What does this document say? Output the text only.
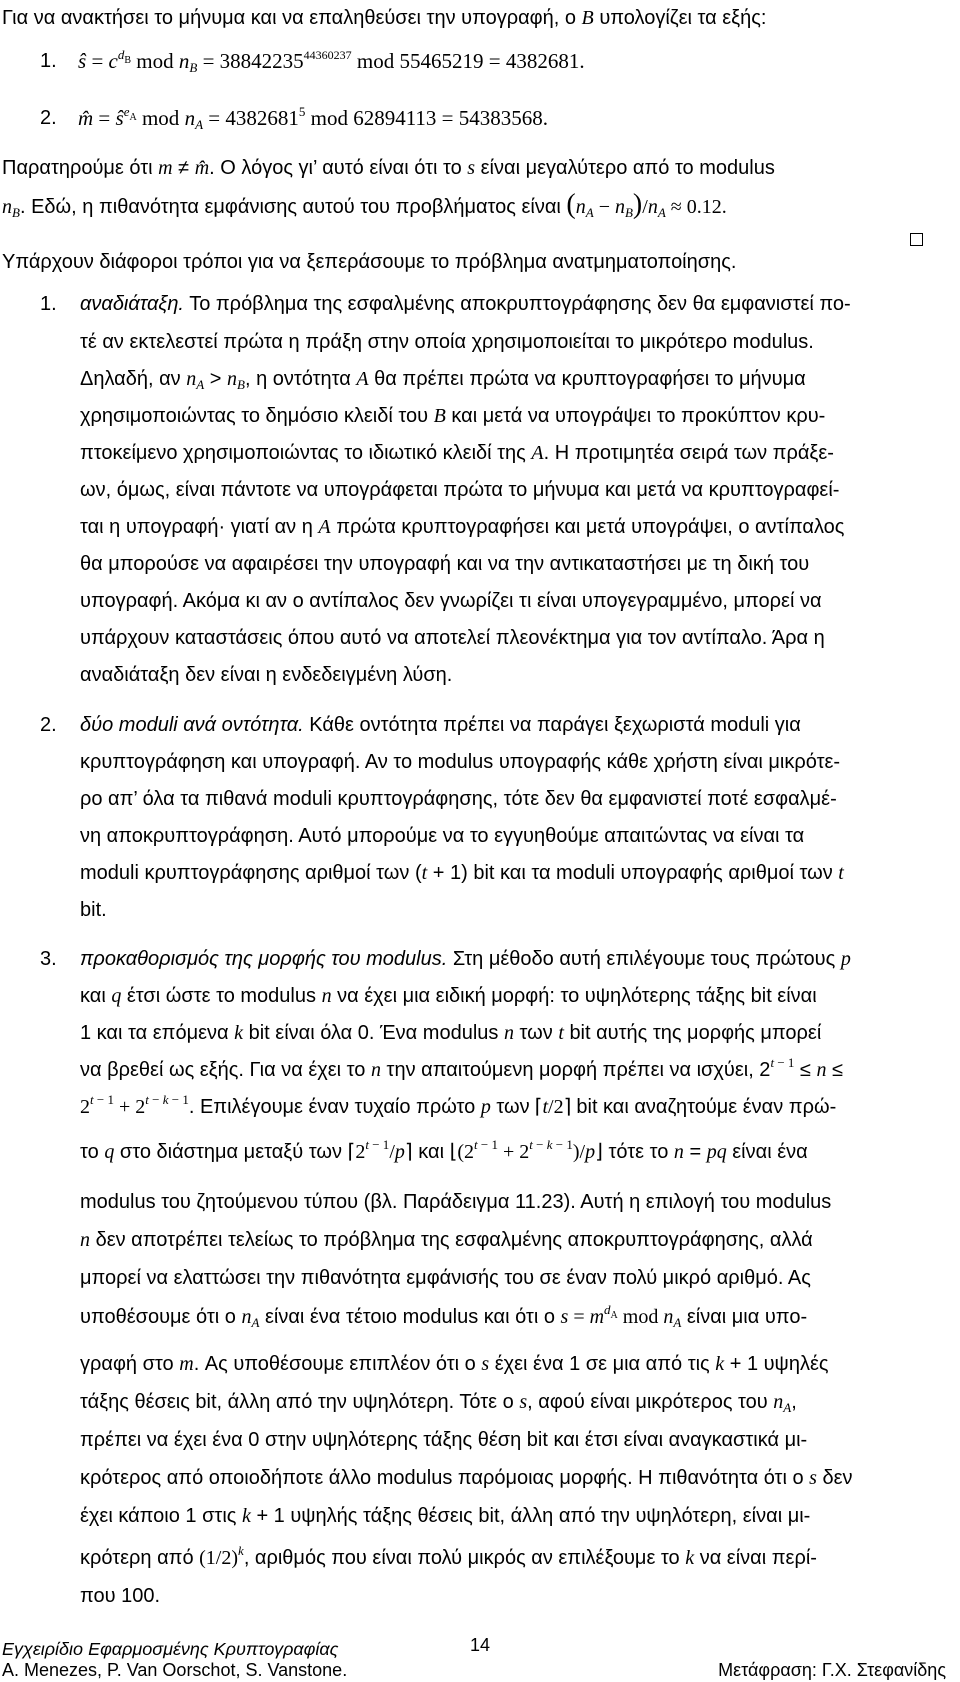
Για να ανακτήσει το μήνυμα και να επαληθεύσει την υπογραφή, ο B υπολογίζει τα εξής:
1. ŝ = $c^{d_B}$ mod $n_B = 38842235^{44360237}$ mod 55465219 = 4382681.
2. m̂ = $ŝ^{e_A}$ mod $n_A = 4382681^5$ mod 62894113 = 54383568.
Παρατηρούμε ότι m ≠ m̂. Ο λόγος γι’ αυτό είναι ότι το s είναι μεγαλύτερο από το modulus
$n_B$. Εδώ, η πιθανότητα εμφάνισης αυτού του προβλήματος είναι $(n_A - n_B)/n_A \approx 0.12$.
Υπάρχουν διάφοροι τρόποι για να ξεπεράσουμε το πρόβλημα ανατμηματοποίησης.
1. αναδιάταξη. Το πρόβλημα της εσφαλμένης αποκρυπτογράφησης δεν θα εμφανιστεί πο-
τέ αν εκτελεστεί πρώτα η πράξη στην οποία χρησιμοποιείται το μικρότερο modulus.
Δηλαδή, αν $n_A > n_B$, η οντότητα A θα πρέπει πρώτα να κρυπτογραφήσει το μήνυμα
χρησιμοποιώντας το δημόσιο κλειδί του B και μετά να υπογράψει το προκύπτον κρυ-
πτοκείμενο χρησιμοποιώντας το ιδιωτικό κλειδί της A. Η προτιμητέα σειρά των πράξε-
ων, όμως, είναι πάντοτε να υπογράφεται πρώτα το μήνυμα και μετά να κρυπτογραφεί-
ται η υπογραφή· γιατί αν η A πρώτα κρυπτογραφήσει και μετά υπογράψει, ο αντίπαλος
θα μπορούσε να αφαιρέσει την υπογραφή και να την αντικαταστήσει με τη δική του
υπογραφή. Ακόμα κι αν ο αντίπαλος δεν γνωρίζει τι είναι υπογεγραμμένο, μπορεί να
υπάρχουν καταστάσεις όπου αυτό να αποτελεί πλεονέκτημα για τον αντίπαλο. Άρα η
αναδιάταξη δεν είναι η ενδεδειγμένη λύση.
2. δύο moduli ανά οντότητα. Κάθε οντότητα πρέπει να παράγει ξεχωριστά moduli για
κρυπτογράφηση και υπογραφή. Αν το modulus υπογραφής κάθε χρήστη είναι μικρότε-
ρο απ’ όλα τα πιθανά moduli κρυπτογράφησης, τότε δεν θα εμφανιστεί ποτέ εσφαλμέ-
νη αποκρυπτογράφηση. Αυτό μπορούμε να το εγγυηθούμε απαιτώντας να είναι τα
moduli κρυπτογράφησης αριθμοί των (t + 1) bit και τα moduli υπογραφής αριθμοί των t
bit.
3. προκαθορισμός της μορφής του modulus. Στη μέθοδο αυτή επιλέγουμε τους πρώτους p
και q έτσι ώστε το modulus n να έχει μια ειδική μορφή: το υψηλότερης τάξης bit είναι
1 και τα επόμενα k bit είναι όλα 0. Ένα modulus n των t bit αυτής της μορφής μπορεί
να βρεθεί ως εξής. Για να έχει το n την απαιτούμενη μορφή πρέπει να ισχύει, $2^{t - 1} \le n$ ≤
$2^{t - 1} + 2^{t - k - 1}$. Επιλέγουμε έναν τυχαίο πρώτο p των ⌈t/2⌉ bit και αναζητούμε έναν πρώ-
το q στο διάστημα μεταξύ των $⌈2^{t - 1}/p⌉$ και $⌊(2^{t - 1}$ + $2^{t - k - 1})/p⌋$ τότε το n = pq είναι ένα
modulus του ζητούμενου τύπου (βλ. Παράδειγμα 11.23). Αυτή η επιλογή του modulus
n δεν αποτρέπει τελείως το πρόβλημα της εσφαλμένης αποκρυπτογράφησης, αλλά
μπορεί να ελαττώσει την πιθανότητα εμφάνισής του σε έναν πολύ μικρό αριθμό. Ας
υποθέσουμε ότι ο $n_A$ είναι ένα τέτοιο modulus και ότι ο $s = m^{d_A}$ mod $n_A$ είναι μια υπο-
γραφή στο m. Ας υποθέσουμε επιπλέον ότι ο s έχει ένα 1 σε μια από τις k + 1 υψηλές
τάξης θέσεις bit, άλλη από την υψηλότερη. Τότε ο s, αφού είναι μικρότερος του $n_A$,
πρέπει να έχει ένα 0 στην υψηλότερης τάξης θέση bit και έτσι είναι αναγκαστικά μι-
κρότερος από οποιοδήποτε άλλο modulus παρόμοιας μορφής. Η πιθανότητα ότι ο s δεν
έχει κάποιο 1 στις k + 1 υψηλής τάξης θέσεις bit, άλλη από την υψηλότερη, είναι μι-
κρότερη από $(1/2)^k$, αριθμός που είναι πολύ μικρός αν επιλέξουμε το k να είναι περί-
που 100.
Εγχειρίδιο Εφαρμοσμένης Κρυπτογραφίας	14
A. Menezes, P. Van Oorschot, S. Vanstone.	Μετάφραση: Γ.Χ. Στεφανίδης
